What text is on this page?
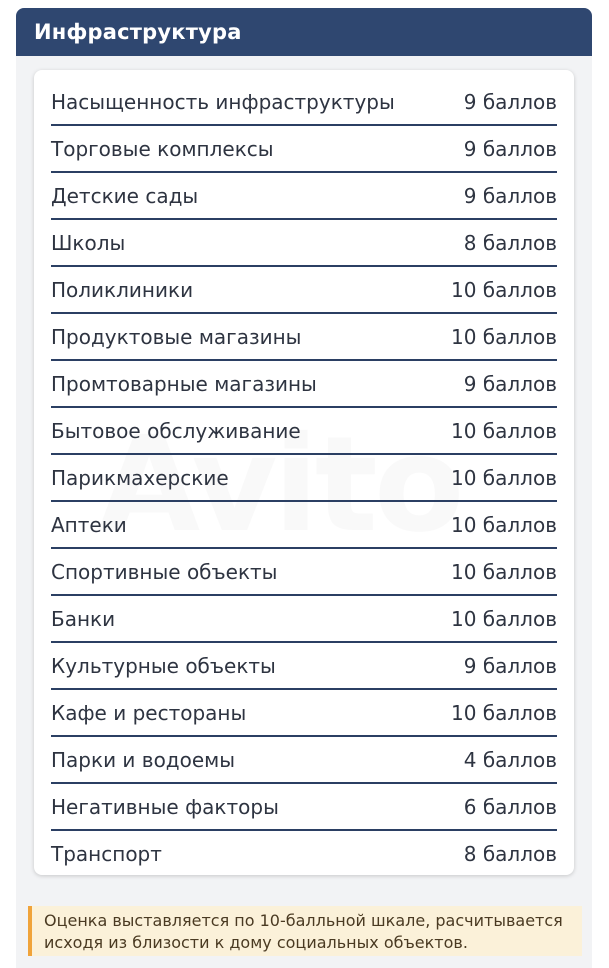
Инфраструктура
Насыщенность инфраструктуры	9 баллов
Торговые комплексы	9 баллов
Детские сады	9 баллов
Школы	8 баллов
Поликлиники	10 баллов
Продуктовые магазины	10 баллов
Промтоварные магазины	9 баллов
Бытовое обслуживание	10 баллов
Парикмахерские	10 баллов
Аптеки	10 баллов
Спортивные объекты	10 баллов
Банки	10 баллов
Культурные объекты	9 баллов
Кафе и рестораны	10 баллов
Парки и водоемы	4 баллов
Негативные факторы	6 баллов
Транспорт	8 баллов
Оценка выставляется по 10-балльной шкале, расчитывается исходя из близости к дому социальных объектов.
